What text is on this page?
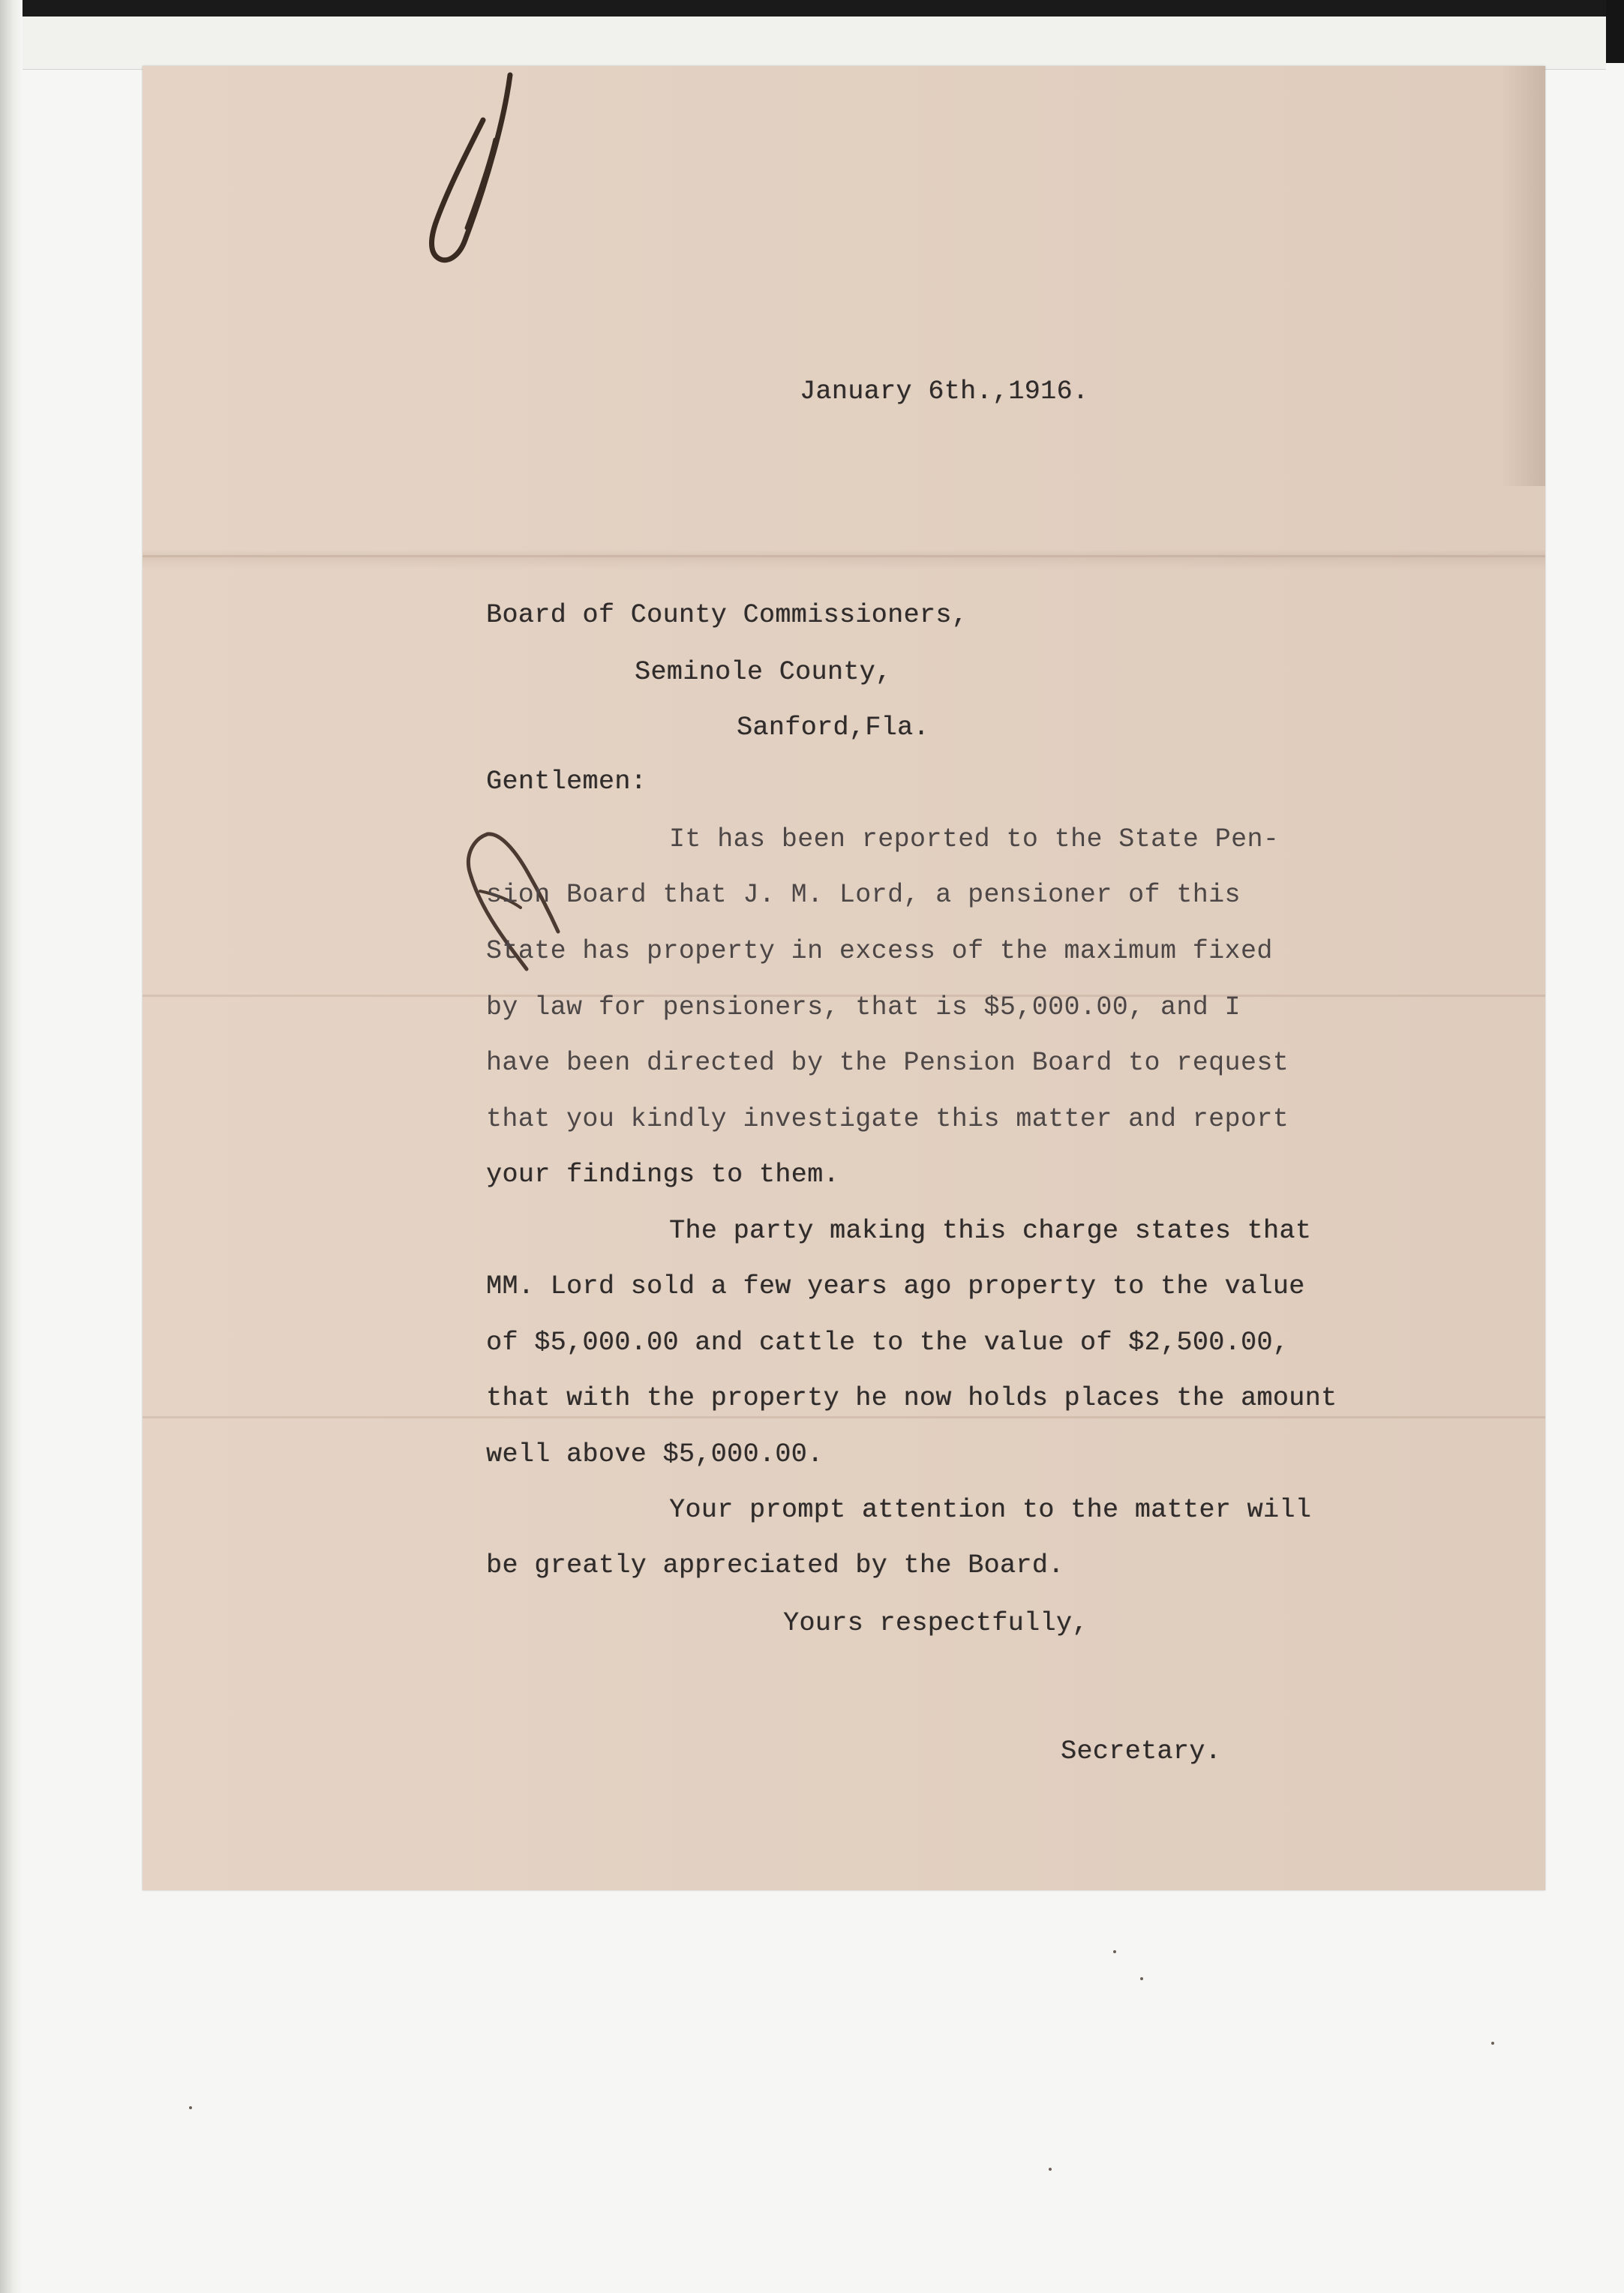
January 6th.,1916.
Board of County Commissioners,
Seminole County,
Sanford,Fla.
Gentlemen:
It has been reported to the State Pen-
sion Board that J. M. Lord, a pensioner of this
State has property in excess of the maximum fixed
by law for pensioners, that is $5,000.00, and I
have been directed by the Pension Board to request
that you kindly investigate this matter and report
your findings to them.
The party making this charge states that
MM. Lord sold a few years ago property to the value
of $5,000.00 and cattle to the value of $2,500.00,
that with the property he now holds places the amount
well above $5,000.00.
Your prompt attention to the matter will
be greatly appreciated by the Board.
Yours respectfully,
Secretary.
